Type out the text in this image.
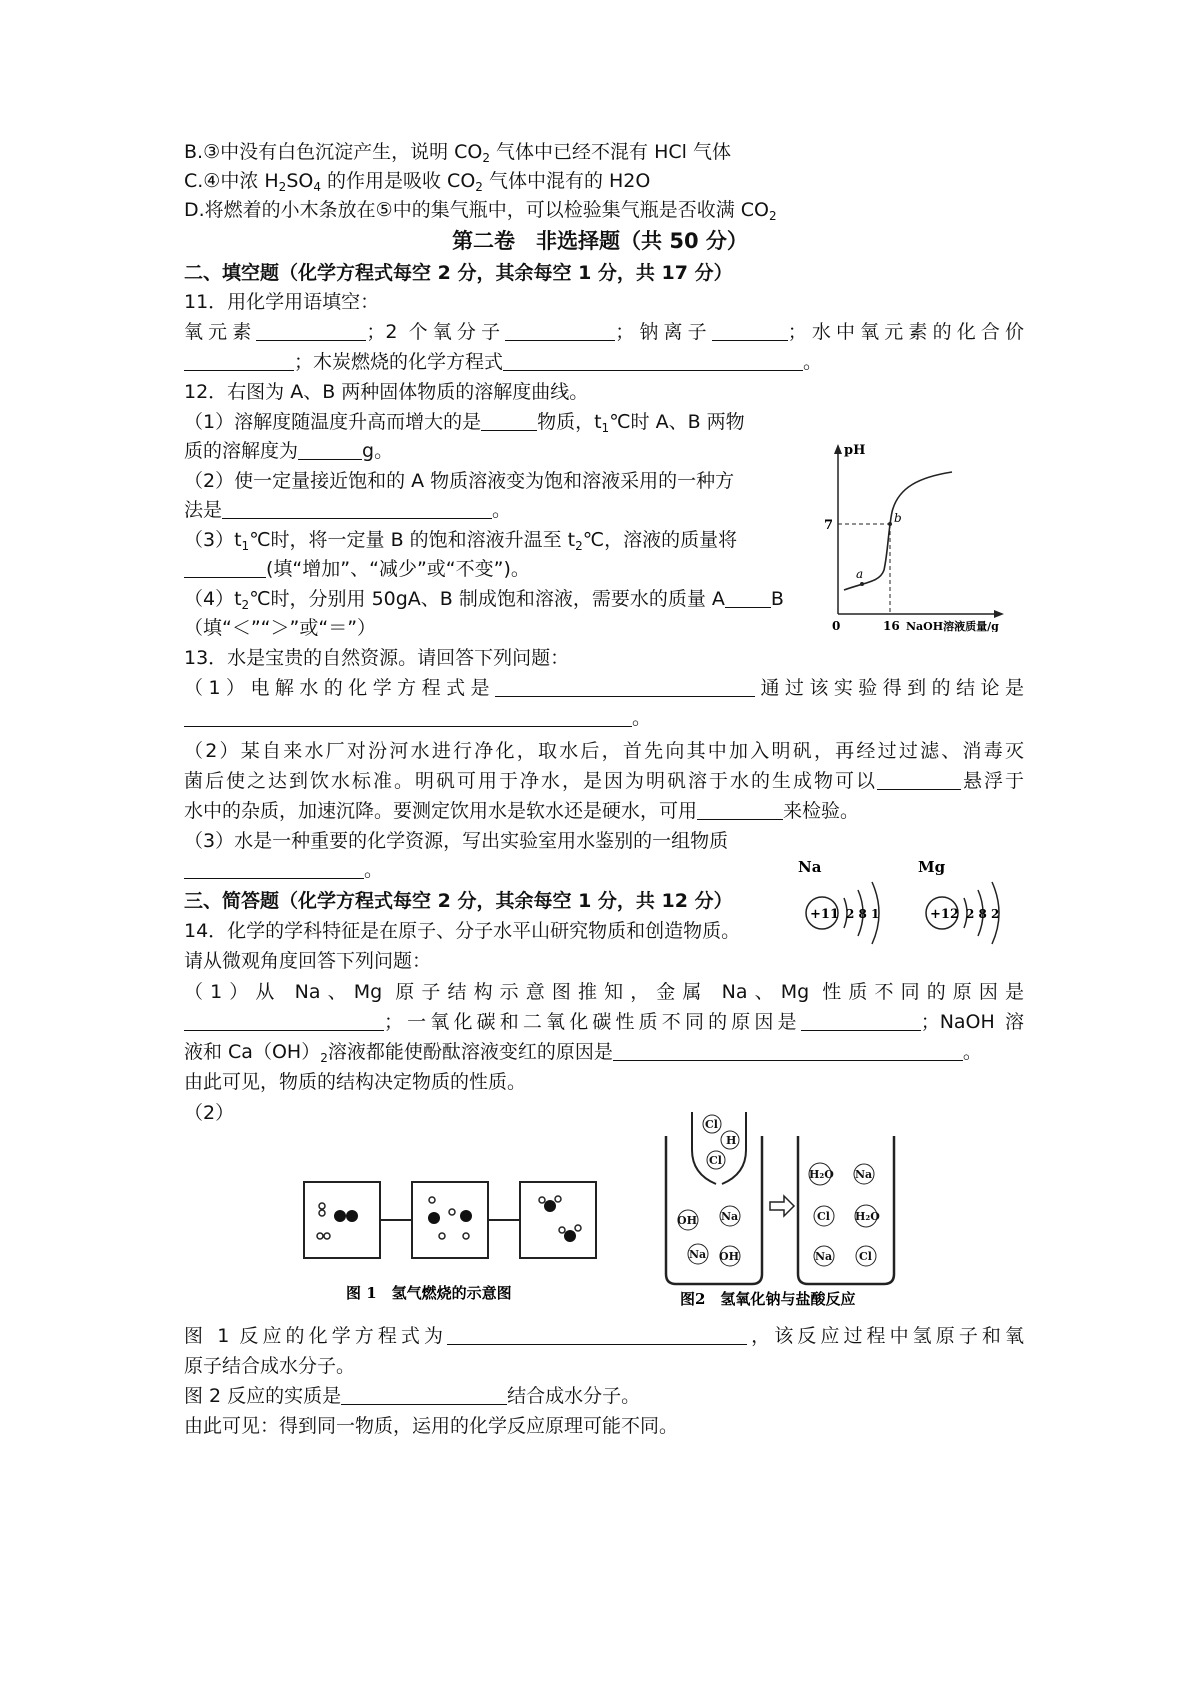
B.③中没有白色沉淀产生，说明 $CO_2$ 气体中已经不混有 HCl 气体
C.④中浓 $H_2SO_4$ 的作用是吸收 $CO_2$ 气体中混有的 H2O
D.将燃着的小木条放在⑤中的集气瓶中，可以检验集气瓶是否收满 $CO_2$
第二卷　非选择题（共 50 分）
二、填空题（化学方程式每空 2 分，其余每空 1 分，共 17 分）
11．用化学用语填空：
氧元素	；2 个氧分子	；钠离子	；水中氧元素的化合价
；木炭燃烧的化学方程式	。
12．右图为 A、B 两种固体物质的溶解度曲线。
（1）溶解度随温度升高而增大的是	物质，$t_1℃$时 A、B 两物
质的溶解度为	g。
（2）使一定量接近饱和的 A 物质溶液变为饱和溶液采用的一种方
法是	。
$(3)t_1℃$时，将一定量 B 的饱和溶液升温至 $t_2℃$，溶液的质量将
(填“增加”、“减少”或“不变”)。
$(4)t_2℃$时，分别用 50gA、B 制成饱和溶液，需要水的质量 A B
（填“＜”“＞”或“＝”）
pH
a
b
7
0	16 NaOH溶液质量/g
13．水是宝贵的自然资源。请回答下列问题：
（1）电解水的化学方程式是	通过该实验得到的结论是
。
（2）某自来水厂对汾河水进行净化，取水后，首先向其中加入明矾，再经过过滤、消毒灭
菌后使之达到饮水标准。明矾可用于净水，是因为明矾溶于水的生成物可以	悬浮于
水中的杂质，加速沉降。要测定饮用水是软水还是硬水，可用	来检验。
（3）水是一种重要的化学资源，写出实验室用水鉴别的一组物质
。	Na
+11 2 8 1
Mg
+12 2 8 2
三、简答题（化学方程式每空 2 分，其余每空 1 分，共 12 分）
14．化学的学科特征是在原子、分子水平山研究物质和创造物质。
请从微观角度回答下列问题：
（1）从 Na、Mg 原子结构示意图推知，金属 Na、Mg 性质不同的原因是
；一氧化碳和二氧化碳性质不同的原因是	；NaOH 溶
液和 $Ca(OH)_2$溶液都能使酚酞溶液变红的原因是	。
由此可见，物质的结构决定物质的性质。
（2）
图 1　氢气燃烧的示意图
Cl
H
Cl
OH Na
Na OH
H₂O Na
Cl H₂O
Na Cl
图2　氢氧化钠与盐酸反应
图 1 反应的化学方程式为	，该反应过程中氢原子和氧
原子结合成水分子。
图 2 反应的实质是	结合成水分子。
由此可见：得到同一物质，运用的化学反应原理可能不同。
